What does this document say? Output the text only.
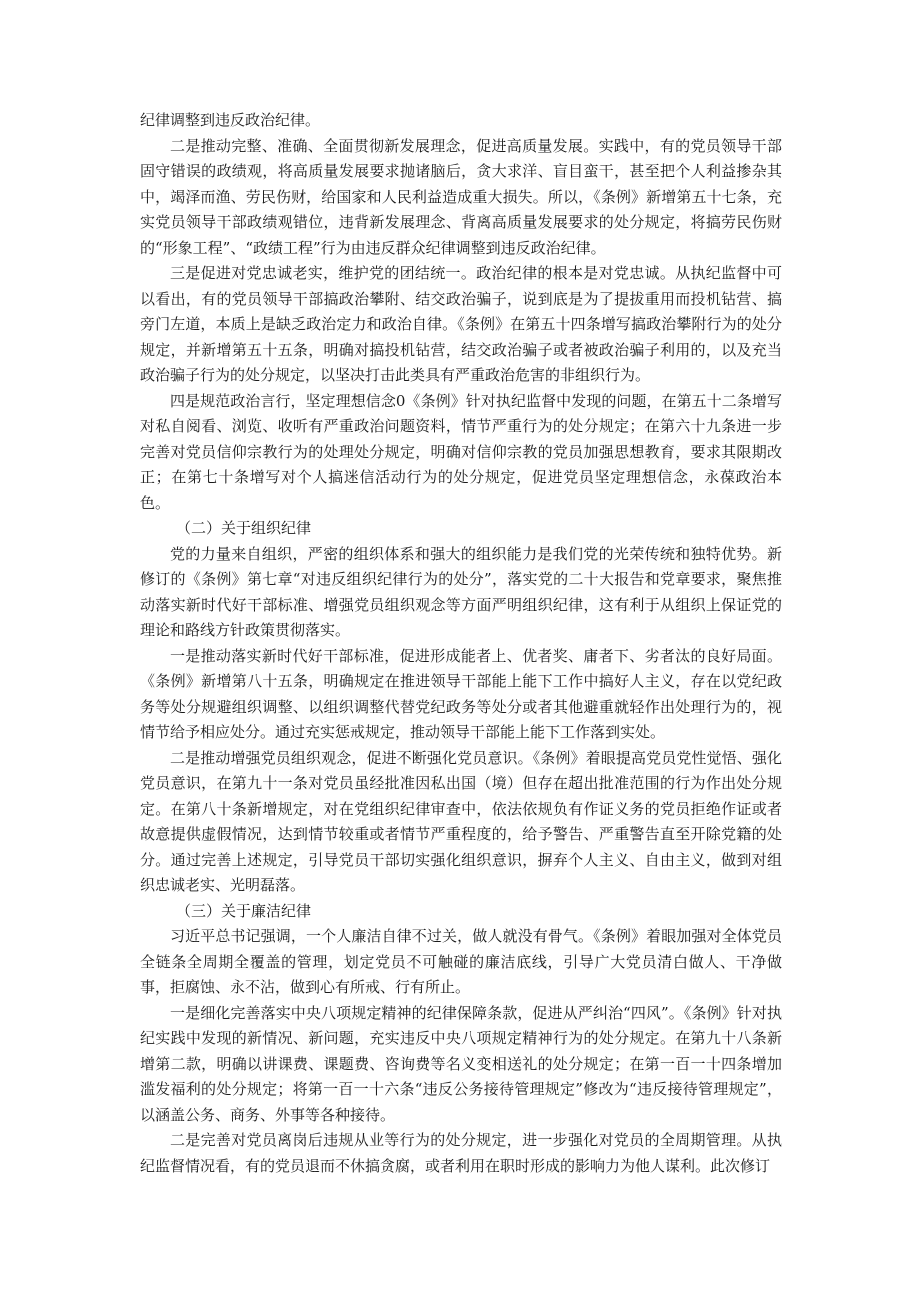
纪律调整到违反政治纪律。

二是推动完整、准确、全面贯彻新发展理念，促进高质量发展。实践中，有的党员领导干部固守错误的政绩观，将高质量发展要求抛诸脑后，贪大求洋、盲目蛮干，甚至把个人利益掺杂其中，竭泽而渔、劳民伤财，给国家和人民利益造成重大损失。所以，《条例》新增第五十七条，充实党员领导干部政绩观错位，违背新发展理念、背离高质量发展要求的处分规定，将搞劳民伤财的“形象工程”、“政绩工程”行为由违反群众纪律调整到违反政治纪律。

三是促进对党忠诚老实，维护党的团结统一。政治纪律的根本是对党忠诚。从执纪监督中可以看出，有的党员领导干部搞政治攀附、结交政治骗子，说到底是为了提拔重用而投机钻营、搞旁门左道，本质上是缺乏政治定力和政治自律。《条例》在第五十四条增写搞政治攀附行为的处分规定，并新增第五十五条，明确对搞投机钻营，结交政治骗子或者被政治骗子利用的，以及充当政治骗子行为的处分规定，以坚决打击此类具有严重政治危害的非组织行为。

四是规范政治言行，坚定理想信念0《条例》针对执纪监督中发现的问题，在第五十二条增写对私自阅看、浏览、收听有严重政治问题资料，情节严重行为的处分规定；在第六十九条进一步完善对党员信仰宗教行为的处理处分规定，明确对信仰宗教的党员加强思想教育，要求其限期改正；在第七十条增写对个人搞迷信活动行为的处分规定，促进党员坚定理想信念，永葆政治本色。

（二）关于组织纪律

党的力量来自组织，严密的组织体系和强大的组织能力是我们党的光荣传统和独特优势。新修订的《条例》第七章“对违反组织纪律行为的处分”，落实党的二十大报告和党章要求，聚焦推动落实新时代好干部标准、增强党员组织观念等方面严明组织纪律，这有利于从组织上保证党的理论和路线方针政策贯彻落实。

一是推动落实新时代好干部标准，促进形成能者上、优者奖、庸者下、劣者汰的良好局面。《条例》新增第八十五条，明确规定在推进领导干部能上能下工作中搞好人主义，存在以党纪政务等处分规避组织调整、以组织调整代替党纪政务等处分或者其他避重就轻作出处理行为的，视情节给予相应处分。通过充实惩戒规定，推动领导干部能上能下工作落到实处。

二是推动增强党员组织观念，促进不断强化党员意识。《条例》着眼提高党员党性觉悟、强化党员意识，在第九十一条对党员虽经批准因私出国（境）但存在超出批准范围的行为作出处分规定。在第八十条新增规定，对在党组织纪律审查中，依法依规负有作证义务的党员拒绝作证或者故意提供虚假情况，达到情节较重或者情节严重程度的，给予警告、严重警告直至开除党籍的处分。通过完善上述规定，引导党员干部切实强化组织意识，摒弃个人主义、自由主义，做到对组织忠诚老实、光明磊落。

（三）关于廉洁纪律

习近平总书记强调，一个人廉洁自律不过关，做人就没有骨气。《条例》着眼加强对全体党员全链条全周期全覆盖的管理，划定党员不可触碰的廉洁底线，引导广大党员清白做人、干净做事，拒腐蚀、永不沾，做到心有所戒、行有所止。

一是细化完善落实中央八项规定精神的纪律保障条款，促进从严纠治“四风”。《条例》针对执纪实践中发现的新情况、新问题，充实违反中央八项规定精神行为的处分规定。在第九十八条新增第二款，明确以讲课费、课题费、咨询费等名义变相送礼的处分规定；在第一百一十四条增加滥发福利的处分规定；将第一百一十六条“违反公务接待管理规定”修改为“违反接待管理规定”，以涵盖公务、商务、外事等各种接待。

二是完善对党员离岗后违规从业等行为的处分规定，进一步强化对党员的全周期管理。从执纪监督情况看，有的党员退而不休搞贪腐，或者利用在职时形成的影响力为他人谋利。此次修订
